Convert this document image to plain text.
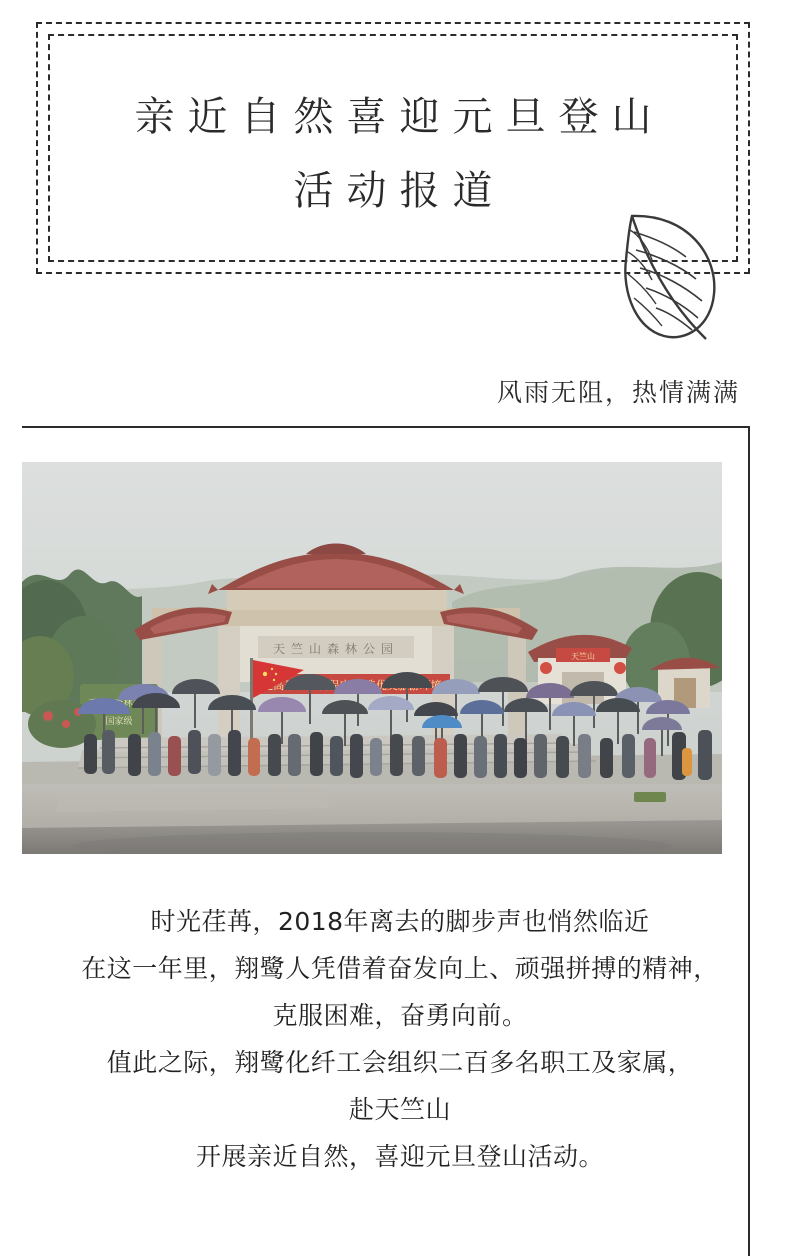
亲近自然喜迎元旦登山
活动报道
风雨无阻，热情满满
天竺山森林公园
天竺山
国家级

时光荏苒，2018年离去的脚步声也悄然临近

在这一年里，翔鹭人凭借着奋发向上、顽强拼搏的精神，

克服困难，奋勇向前。

值此之际，翔鹭化纤工会组织二百多名职工及家属，

赴天竺山

开展亲近自然，喜迎元旦登山活动。
